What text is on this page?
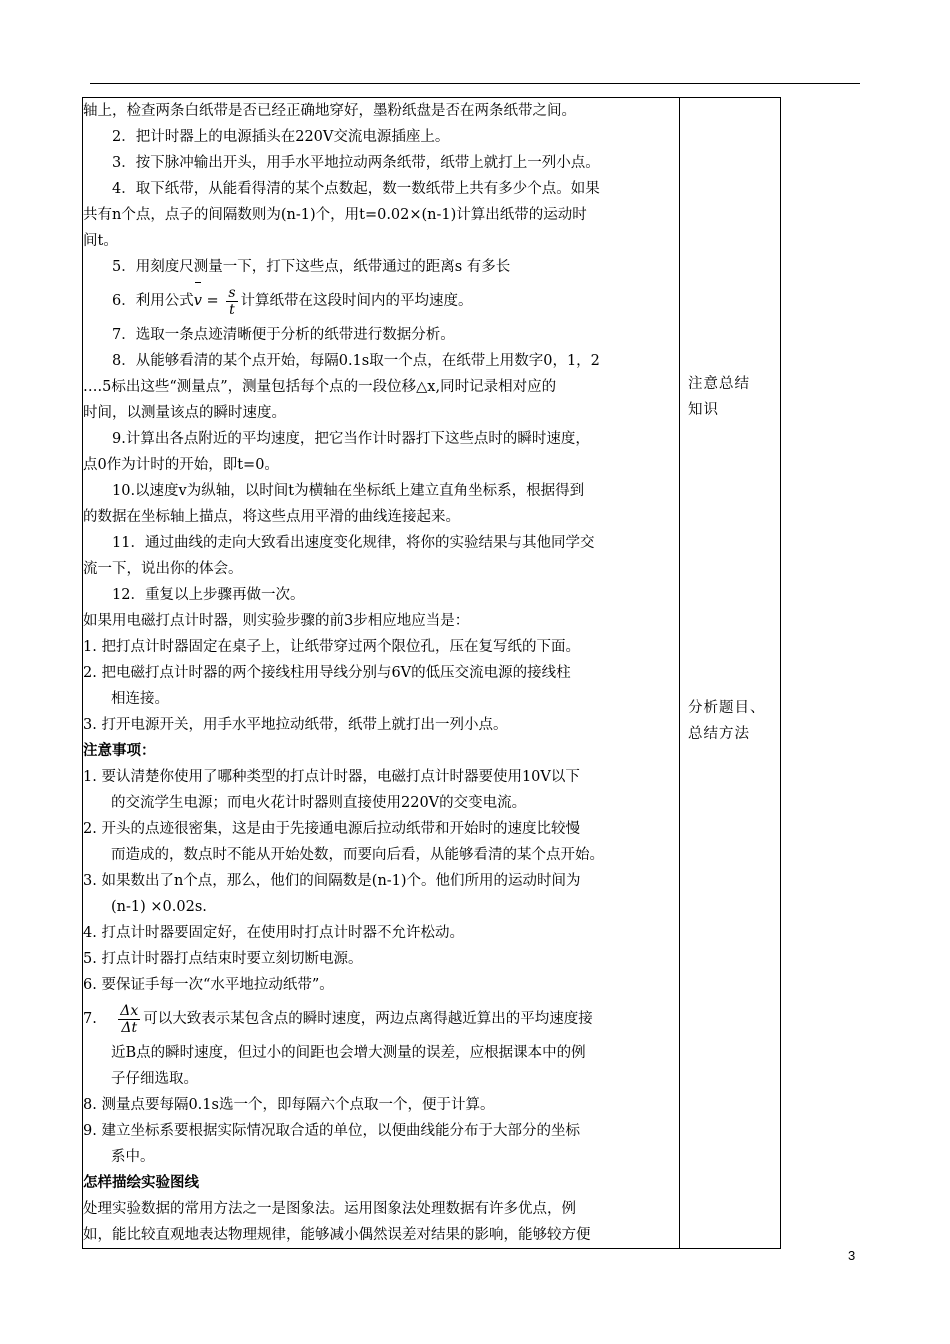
轴上，检查两条白纸带是否已经正确地穿好，墨粉纸盘是否在两条纸带之间。
2．把计时器上的电源插头在220V交流电源插座上。
3．按下脉冲输出开头，用手水平地拉动两条纸带，纸带上就打上一列小点。
4．取下纸带，从能看得清的某个点数起，数一数纸带上共有多少个点。如果
共有n个点，点子的间隔数则为(n-1)个，用t=0.02×(n-1)计算出纸带的运动时
间t。
5．用刻度尺测量一下，打下这些点，纸带通过的距离s 有多长
6．利用公式$v = \frac{s}{t}$ 计算纸带在这段时间内的平均速度。
7．选取一条点迹清晰便于分析的纸带进行数据分析。
8．从能够看清的某个点开始，每隔0.1s取一个点，在纸带上用数字0，1，2
….5标出这些“测量点”，测量包括每个点的一段位移△x,同时记录相对应的
时间，以测量该点的瞬时速度。
9.计算出各点附近的平均速度，把它当作计时器打下这些点时的瞬时速度，
点0作为计时的开始，即t=0。
10.以速度v为纵轴，以时间t为横轴在坐标纸上建立直角坐标系，根据得到
的数据在坐标轴上描点，将这些点用平滑的曲线连接起来。
11．通过曲线的走向大致看出速度变化规律，将你的实验结果与其他同学交
流一下，说出你的体会。
12．重复以上步骤再做一次。
如果用电磁打点计时器，则实验步骤的前3步相应地应当是：
1. 把打点计时器固定在桌子上，让纸带穿过两个限位孔，压在复写纸的下面。
2. 把电磁打点计时器的两个接线柱用导线分别与6V的低压交流电源的接线柱
相连接。
3. 打开电源开关，用手水平地拉动纸带，纸带上就打出一列小点。
注意事项：
1. 要认清楚你使用了哪种类型的打点计时器，电磁打点计时器要使用10V以下
的交流学生电源；而电火花计时器则直接使用220V的交变电流。
2. 开头的点迹很密集，这是由于先接通电源后拉动纸带和开始时的速度比较慢
而造成的，数点时不能从开始处数，而要向后看，从能够看清的某个点开始。
3. 如果数出了n个点，那么，他们的间隔数是(n-1)个。他们所用的运动时间为
(n-1) ×0.02s.
4. 打点计时器要固定好，在使用时打点计时器不允许松动。
5. 打点计时器打点结束时要立刻切断电源。
6. 要保证手每一次“水平地拉动纸带”。
7. $\frac{\Delta x}{\Delta t}$ 可以大致表示某包含点的瞬时速度，两边点离得越近算出的平均速度接
近B点的瞬时速度，但过小的间距也会增大测量的误差，应根据课本中的例
子仔细选取。
8. 测量点要每隔0.1s选一个，即每隔六个点取一个，便于计算。
9. 建立坐标系要根据实际情况取合适的单位，以便曲线能分布于大部分的坐标
系中。
怎样描绘实验图线
处理实验数据的常用方法之一是图象法。运用图象法处理数据有许多优点，例
如，能比较直观地表达物理规律，能够减小偶然误差对结果的影响，能够较方便

注意总结
知识
分析题目、
总结方法
3
